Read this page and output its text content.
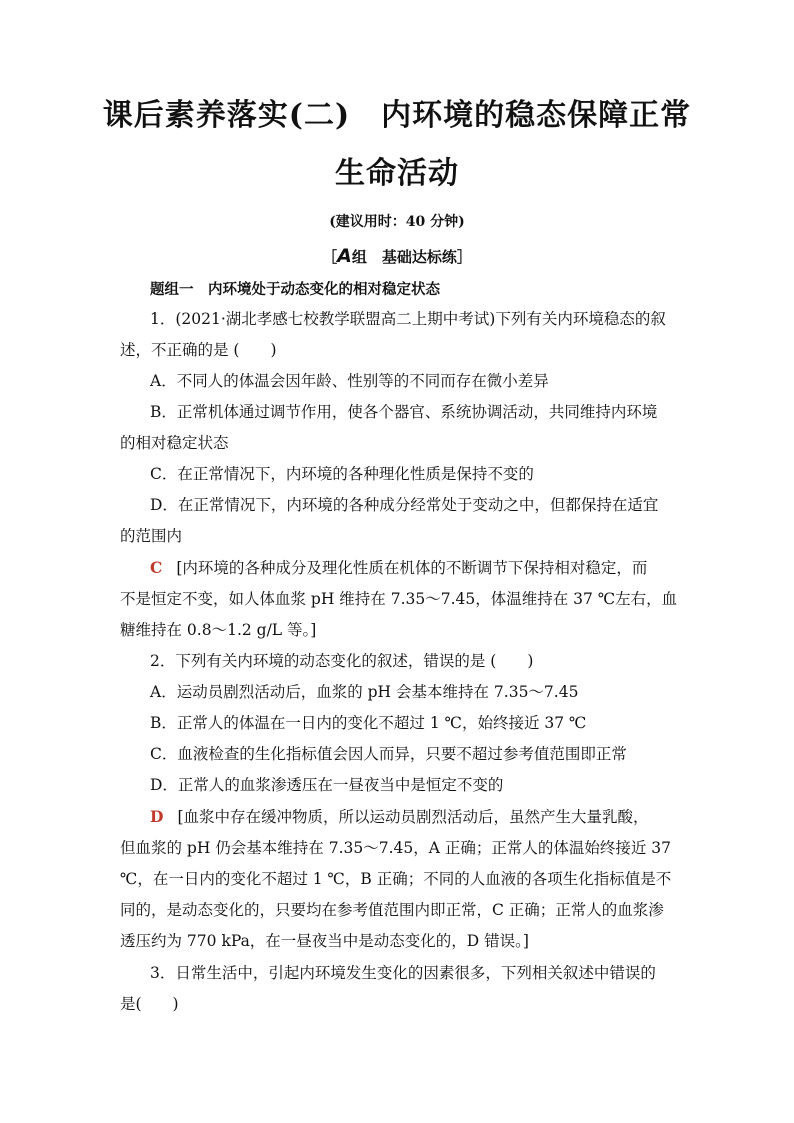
课后素养落实(二)　内环境的稳态保障正常
生命活动
(建议用时：40 分钟)
［A组　基础达标练］
题组一　内环境处于动态变化的相对稳定状态
1．(2021·湖北孝感七校教学联盟高二上期中考试)下列有关内环境稳态的叙
述，不正确的是 (　　)
A．不同人的体温会因年龄、性别等的不同而存在微小差异
B．正常机体通过调节作用，使各个器官、系统协调活动，共同维持内环境
的相对稳定状态
C．在正常情况下，内环境的各种理化性质是保持不变的
D．在正常情况下，内环境的各种成分经常处于变动之中，但都保持在适宜
的范围内
C [内环境的各种成分及理化性质在机体的不断调节下保持相对稳定，而
不是恒定不变，如人体血浆 pH 维持在 7.35～7.45，体温维持在 37 ℃左右，血
糖维持在 0.8～1.2 g/L 等。]
2．下列有关内环境的动态变化的叙述，错误的是 (　　)
A．运动员剧烈活动后，血浆的 pH 会基本维持在 7.35～7.45
B．正常人的体温在一日内的变化不超过 1 ℃，始终接近 37 ℃
C．血液检查的生化指标值会因人而异，只要不超过参考值范围即正常
D．正常人的血浆渗透压在一昼夜当中是恒定不变的
D [血浆中存在缓冲物质，所以运动员剧烈活动后，虽然产生大量乳酸，
但血浆的 pH 仍会基本维持在 7.35～7.45，A 正确；正常人的体温始终接近 37
℃，在一日内的变化不超过 1 ℃，B 正确；不同的人血液的各项生化指标值是不
同的，是动态变化的，只要均在参考值范围内即正常，C 正确；正常人的血浆渗
透压约为 770 kPa，在一昼夜当中是动态变化的，D 错误。]
3．日常生活中，引起内环境发生变化的因素很多，下列相关叙述中错误的
是(　　)
